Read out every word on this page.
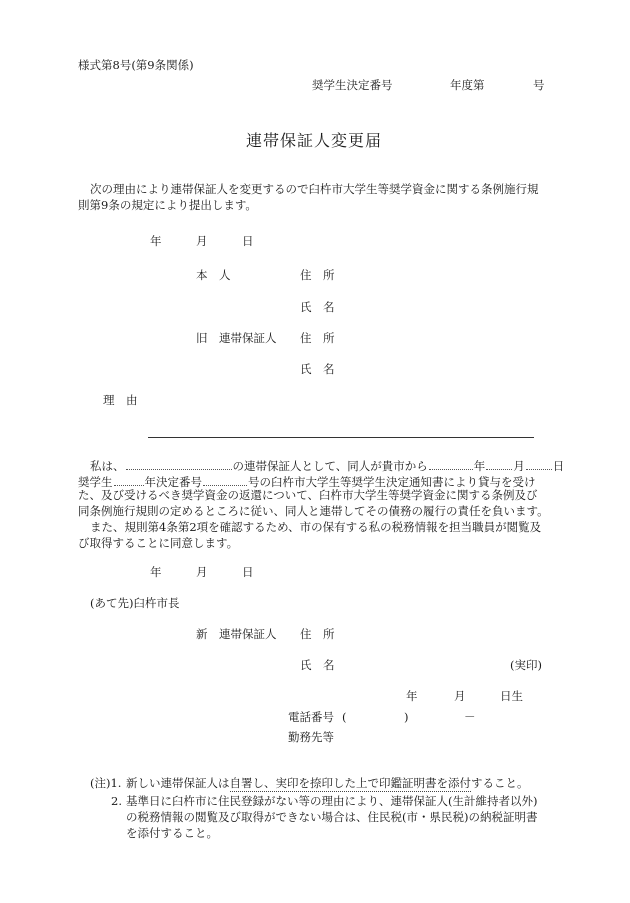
様式第8号(第9条関係)
奨学生決定番号	年度第	号
連帯保証人変更届
次の理由により連帯保証人を変更するので臼杵市大学生等奨学資金に関する条例施行規
則第9条の規定により提出します。
年	月	日
本　人	住　所
氏　名
旧　連帯保証人 住　所
氏　名
理　由
私は、	の連帯保証人として、同人が貴市から	年 月 日
奨学生	年決定番号	号の臼杵市大学生等奨学生決定通知書により貸与を受け
た、及び受けるべき奨学資金の返還について、臼杵市大学生等奨学資金に関する条例及び
同条例施行規則の定めるところに従い、同人と連帯してその債務の履行の責任を負います。
また、規則第4条第2項を確認するため、市の保有する私の税務情報を担当職員が閲覧及
び取得することに同意します。
年	月	日
(あて先)臼杵市長
新　連帯保証人 住　所
氏　名	(実印)
年	月	日生
電話番号 (	)	－
勤務先等
(注)1. 新しい連帯保証人は自署し、実印を捺印した上で印鑑証明書を添付すること。
2. 基準日に臼杵市に住民登録がない等の理由により、連帯保証人(生計維持者以外)
の税務情報の閲覧及び取得ができない場合は、住民税(市・県民税)の納税証明書
を添付すること。
